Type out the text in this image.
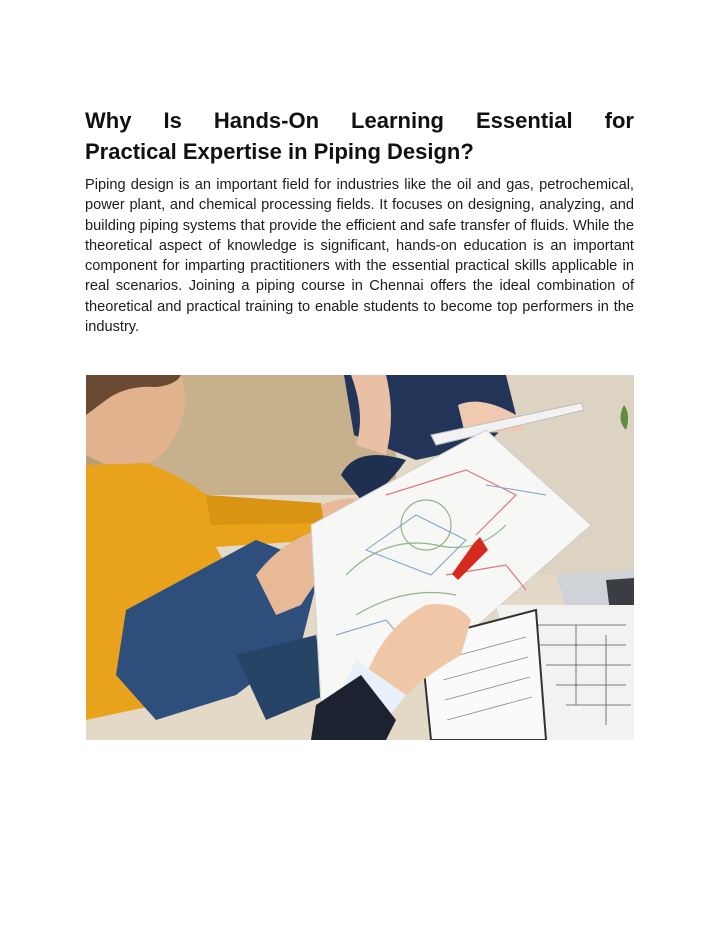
Why Is Hands-On Learning Essential for
Practical Expertise in Piping Design?

Piping design is an important field for industries like the oil and gas, petrochemical, power plant, and chemical processing fields. It focuses on designing, analyzing, and building piping systems that provide the efficient and safe transfer of fluids. While the theoretical aspect of knowledge is significant, hands-on education is an important component for imparting practitioners with the essential practical skills applicable in real scenarios. Joining a piping course in Chennai offers the ideal combination of theoretical and practical training to enable students to become top performers in the industry.
